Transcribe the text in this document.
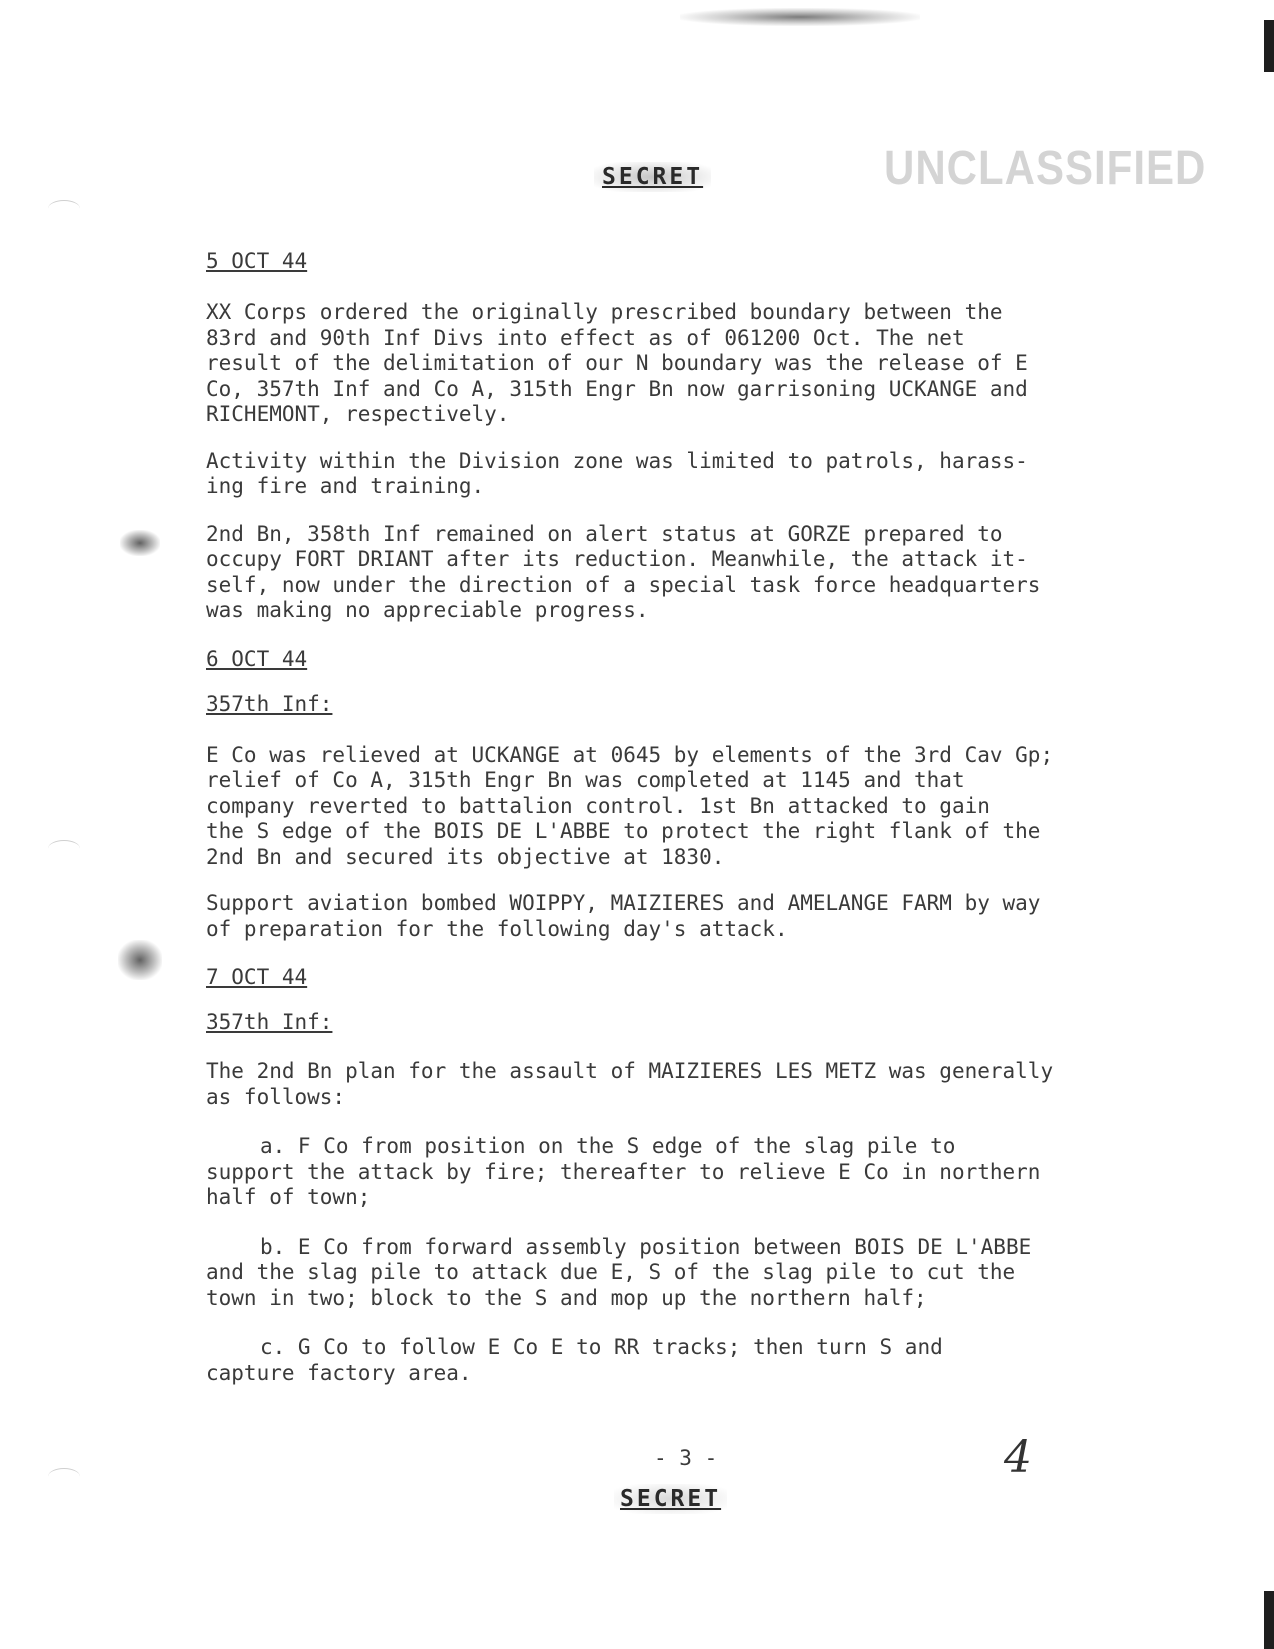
SECRET	UNCLASSIFIED

5 OCT 44

XX Corps ordered the originally prescribed boundary between the
83rd and 90th Inf Divs into effect as of 061200 Oct. The net
result of the delimitation of our N boundary was the release of E
Co, 357th Inf and Co A, 315th Engr Bn now garrisoning UCKANGE and
RICHEMONT, respectively.

Activity within the Division zone was limited to patrols, harass-
ing fire and training.

2nd Bn, 358th Inf remained on alert status at GORZE prepared to
occupy FORT DRIANT after its reduction. Meanwhile, the attack it-
self, now under the direction of a special task force headquarters
was making no appreciable progress.

6 OCT 44

357th Inf:

E Co was relieved at UCKANGE at 0645 by elements of the 3rd Cav Gp;
relief of Co A, 315th Engr Bn was completed at 1145 and that
company reverted to battalion control. 1st Bn attacked to gain
the S edge of the BOIS DE L'ABBE to protect the right flank of the
2nd Bn and secured its objective at 1830.

Support aviation bombed WOIPPY, MAIZIERES and AMELANGE FARM by way
of preparation for the following day's attack.

7 OCT 44

357th Inf:

The 2nd Bn plan for the assault of MAIZIERES LES METZ was generally
as follows:

a. F Co from position on the S edge of the slag pile to
support the attack by fire; thereafter to relieve E Co in northern
half of town;

b. E Co from forward assembly position between BOIS DE L'ABBE
and the slag pile to attack due E, S of the slag pile to cut the
town in two; block to the S and mop up the northern half;

c. G Co to follow E Co E to RR tracks; then turn S and
capture factory area.

- 3 -	4
SECRET
